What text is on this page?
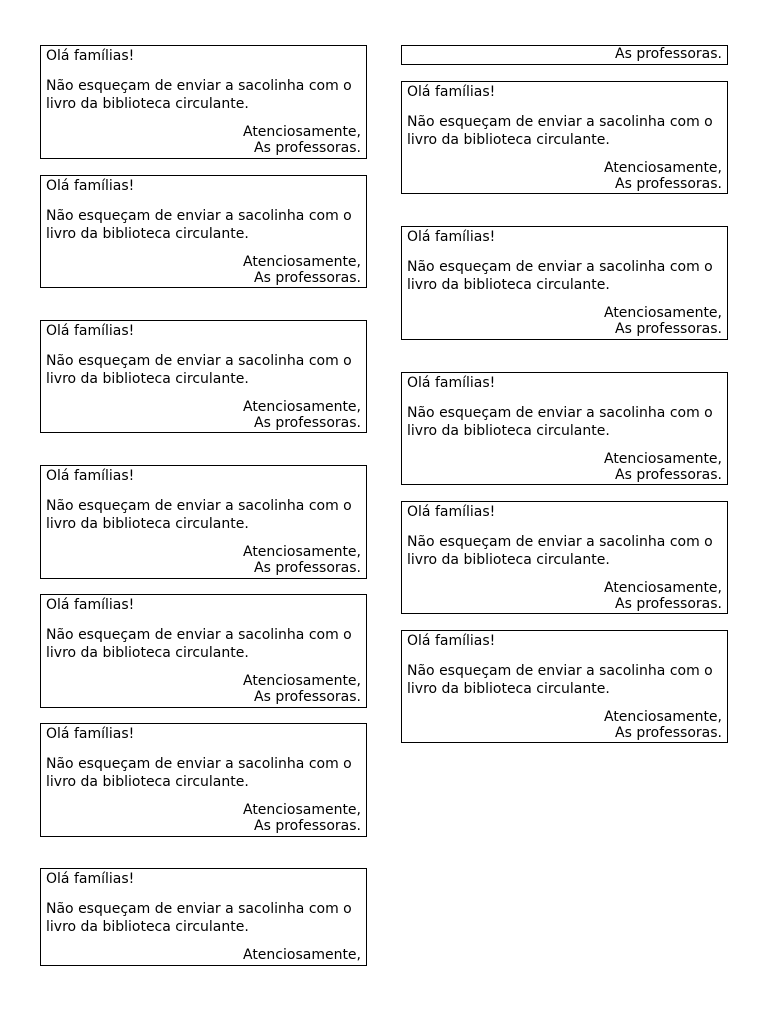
As professoras.

Olá famílias!

Não esqueçam de enviar a sacolinha com o livro da biblioteca circulante.

Atenciosamente,

As professoras.

Olá famílias!

Não esqueçam de enviar a sacolinha com o livro da biblioteca circulante.

Atenciosamente,

As professoras.

Olá famílias!

Não esqueçam de enviar a sacolinha com o livro da biblioteca circulante.

Atenciosamente,

As professoras.

Olá famílias!

Não esqueçam de enviar a sacolinha com o livro da biblioteca circulante.

Atenciosamente,

As professoras.

Olá famílias!

Não esqueçam de enviar a sacolinha com o livro da biblioteca circulante.

Atenciosamente,

As professoras.

Olá famílias!

Não esqueçam de enviar a sacolinha com o livro da biblioteca circulante.

Atenciosamente,

As professoras.

Olá famílias!

Não esqueçam de enviar a sacolinha com o livro da biblioteca circulante.

Atenciosamente,

Olá famílias!

Não esqueçam de enviar a sacolinha com o livro da biblioteca circulante.

Atenciosamente,

As professoras.

Olá famílias!

Não esqueçam de enviar a sacolinha com o livro da biblioteca circulante.

Atenciosamente,

As professoras.

Olá famílias!

Não esqueçam de enviar a sacolinha com o livro da biblioteca circulante.

Atenciosamente,

As professoras.

Olá famílias!

Não esqueçam de enviar a sacolinha com o livro da biblioteca circulante.

Atenciosamente,

As professoras.

Olá famílias!

Não esqueçam de enviar a sacolinha com o livro da biblioteca circulante.

Atenciosamente,

As professoras.
